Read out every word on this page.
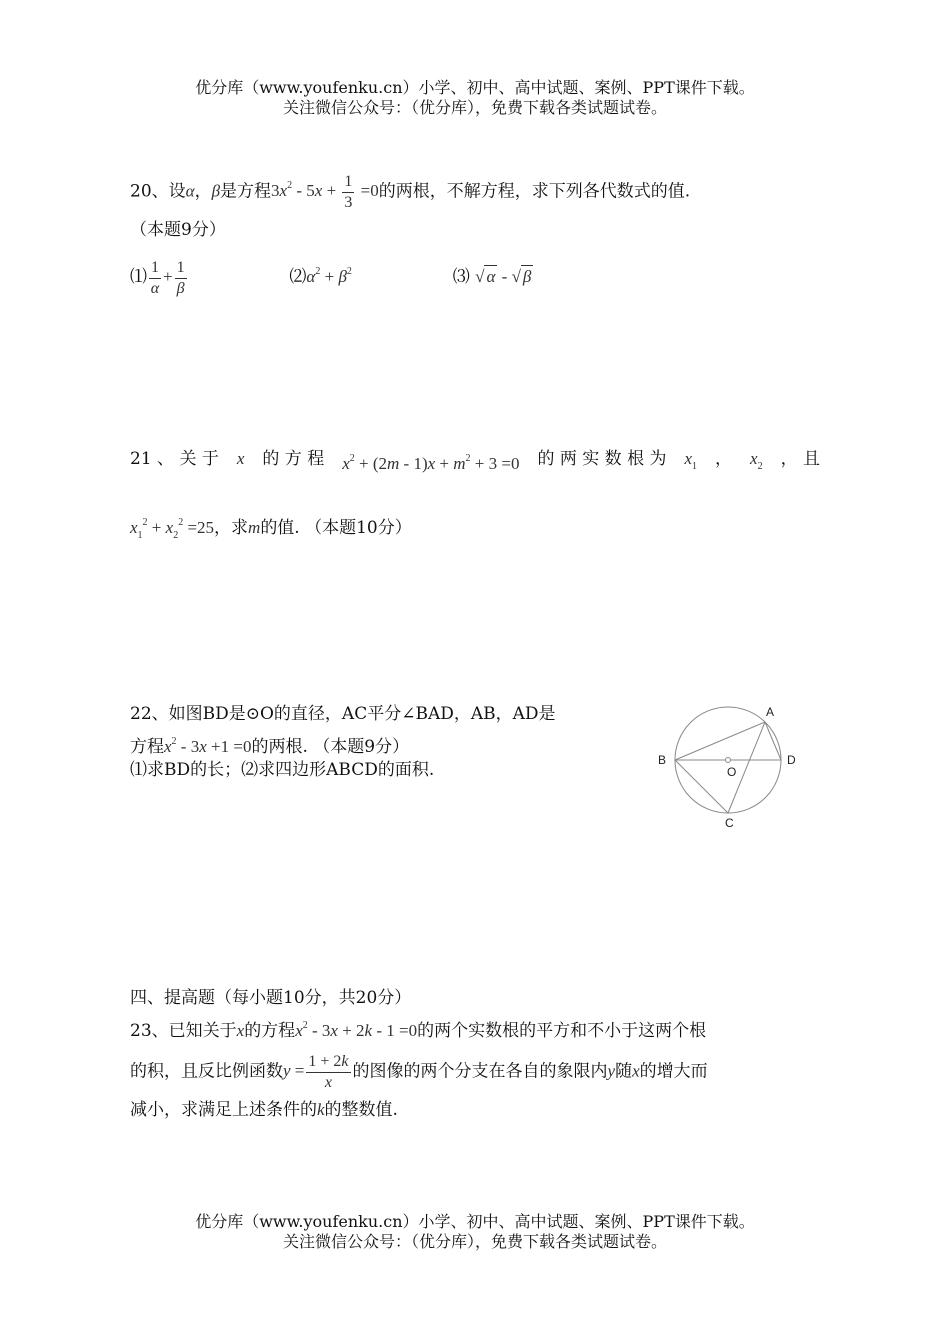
优分库（www.youfenku.cn）小学、初中、高中试题、案例、PPT课件下载。
关注微信公众号：（优分库），免费下载各类试题试卷。
20、设α，β是方程$3x^2 - 5x + \frac{1}{3} =0$的两根，不解方程，求下列各代数式的值.
（本题9分）
⑴ $\frac{1}{\alpha} + \frac{1}{\beta}$	$⑵\alpha^2 + \beta^2$	⑶ √ α - √ β
21 、 关 于 x 的 方 程 $x^2 + (2m - 1)x + m^2 + 3 =0$ 的 两 实 数 根 为 $x_1$ ， $x_2$ ， 且
$x_1^2 + x_2^2 =25$，求m的值. （本题10分）
22、如图BD是⊙O的直径，AC平分∠BAD，AB，AD是
方程$x^2 - 3x +1 =0$的两根. （本题9分）
⑴求BD的长；⑵求四边形ABCD的面积.
A
B
C
D
O
四、提高题（每小题10分，共20分）
23、已知关于x的方程$x^2 - 3x + 2k - 1 =0$的两个实数根的平方和不小于这两个根
的积，且反比例函数$y = \frac{1 + 2k}{x}$ 的图像的两个分支在各自的象限内y随x的增大而
减小，求满足上述条件的k的整数值.
优分库（www.youfenku.cn）小学、初中、高中试题、案例、PPT课件下载。
关注微信公众号：（优分库），免费下载各类试题试卷。
